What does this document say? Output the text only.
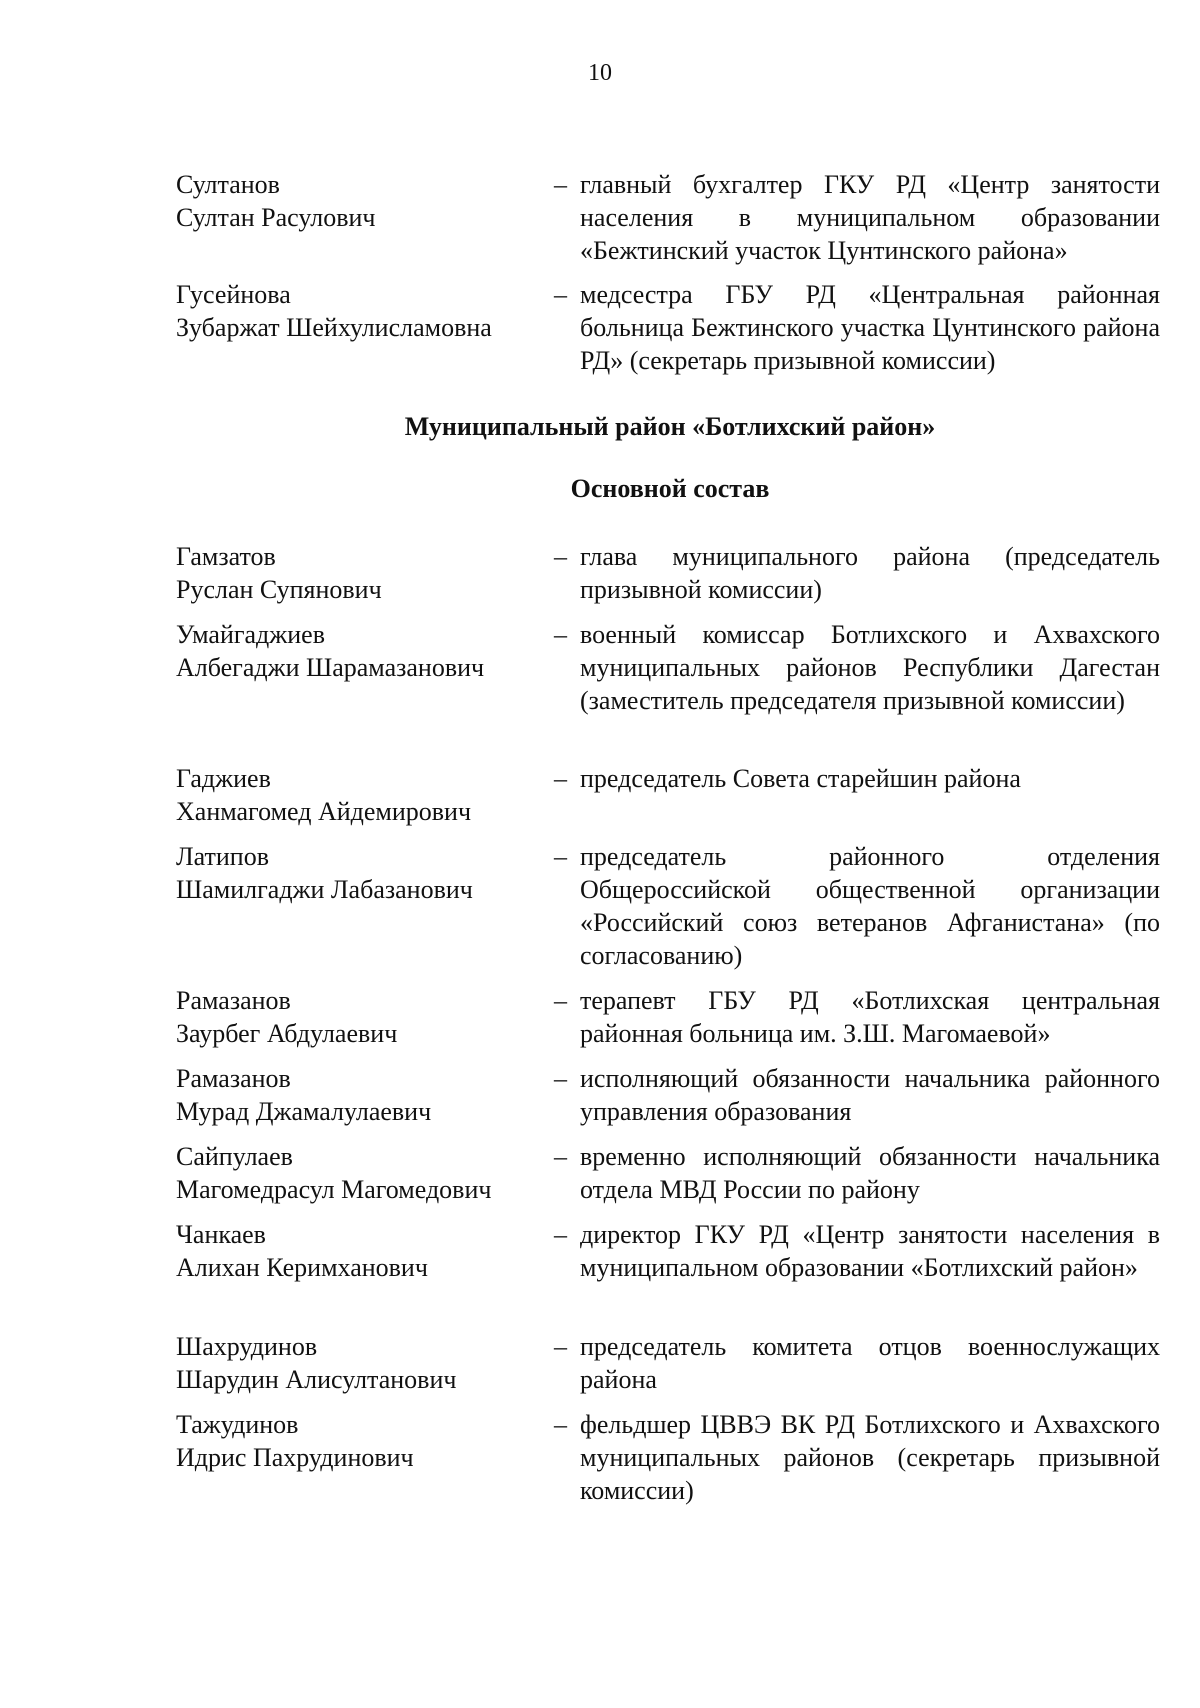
10
Султанов
Султан Расулович
– главный бухгалтер ГКУ РД «Центр занятости населения в муниципальном образовании «Бежтинский участок Цунтинского района»
Гусейнова
Зубаржат Шейхулисламовна
– медсестра ГБУ РД «Центральная районная больница Бежтинского участка Цунтинского района РД» (секретарь призывной комиссии)
Муниципальный район «Ботлихский район»
Основной состав
Гамзатов
Руслан Супянович
– глава муниципального района (председатель призывной комиссии)
Умайгаджиев
Албегаджи Шарамазанович
– военный комиссар Ботлихского и Ахвахского муниципальных районов Республики Дагестан (заместитель председателя призывной комиссии)
Гаджиев
Ханмагомед Айдемирович
– председатель Совета старейшин района
Латипов
Шамилгаджи Лабазанович
– председатель районного отделения Общероссийской общественной организации «Российский союз ветеранов Афганистана» (по согласованию)
Рамазанов
Заурбег Абдулаевич
– терапевт ГБУ РД «Ботлихская центральная районная больница им. З.Ш. Магомаевой»
Рамазанов
Мурад Джамалулаевич
– исполняющий обязанности начальника районного управления образования
Сайпулаев
Магомедрасул Магомедович
– временно исполняющий обязанности начальника отдела МВД России по району
Чанкаев
Алихан Керимханович
– директор ГКУ РД «Центр занятости населения в муниципальном образовании «Ботлихский район»
Шахрудинов
Шарудин Алисултанович
– председатель комитета отцов военнослужащих района
Тажудинов
Идрис Пахрудинович
– фельдшер ЦВВЭ ВК РД Ботлихского и Ахвахского муниципальных районов (секретарь призывной комиссии)
